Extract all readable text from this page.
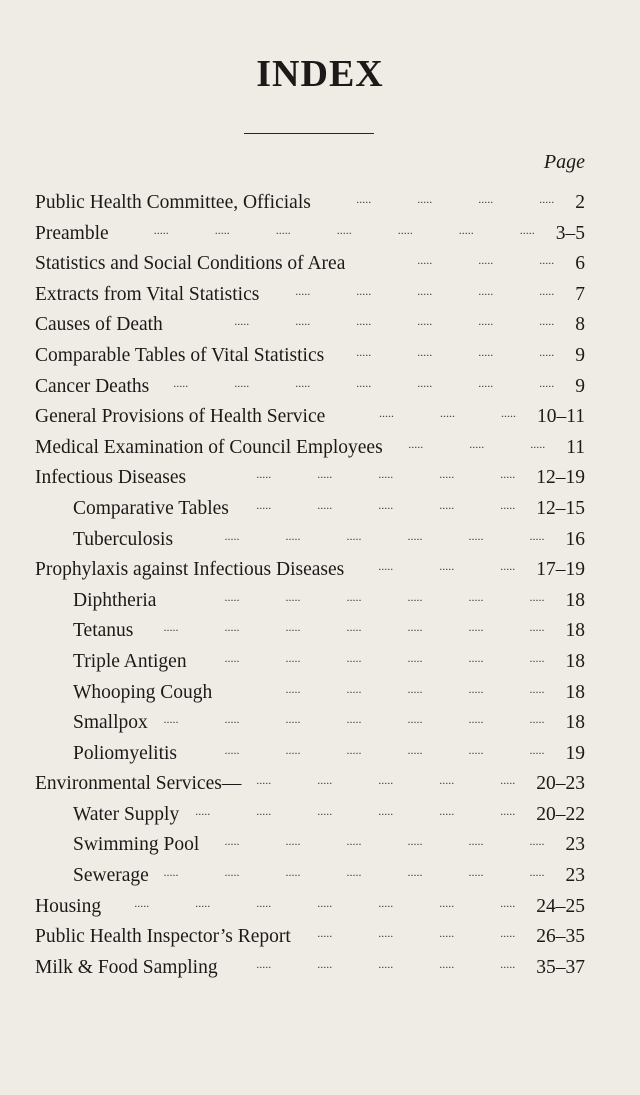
INDEX
Page
Public Health Committee, Officials	.....	.....	.....	..... 2
Preamble	.....	.....	.....	.....	.....	.....	..... 3–5
Statistics and Social Conditions of Area	.....	.....	..... 6
Extracts from Vital Statistics	.....	.....	.....	.....	..... 7
Causes of Death	.....	.....	.....	.....	.....	..... 8
Comparable Tables of Vital Statistics	.....	.....	.....	..... 9
Cancer Deaths .....	.....	.....	.....	.....	.....	..... 9
General Provisions of Health Service	.....	.....	..... 10–11
Medical Examination of Council Employees .....	.....	..... 11
Infectious Diseases	.....	.....	.....	.....	..... 12–19
Comparative Tables .....	.....	.....	.....	..... 12–15
Tuberculosis	.....	.....	.....	.....	.....	..... 16
Prophylaxis against Infectious Diseases	.....	.....	..... 17–19
Diphtheria	.....	.....	.....	.....	.....	..... 18
Tetanus	.....	.....	.....	.....	.....	.....	..... 18
Triple Antigen	.....	.....	.....	.....	.....	..... 18
Whooping Cough	.....	.....	.....	.....	..... 18
Smallpox .....	.....	.....	.....	.....	.....	..... 18
Poliomyelitis	.....	.....	.....	.....	.....	..... 19
Environmental Services— .....	.....	.....	.....	..... 20–23
Water Supply .....	.....	.....	.....	.....	..... 20–22
Swimming Pool .....	.....	.....	.....	.....	..... 23
Sewerage .....	.....	.....	.....	.....	.....	..... 23
Housing	.....	.....	.....	.....	.....	.....	..... 24–25
Public Health Inspector’s Report .....	.....	.....	..... 26–35
Milk & Food Sampling	.....	.....	.....	.....	..... 35–37
